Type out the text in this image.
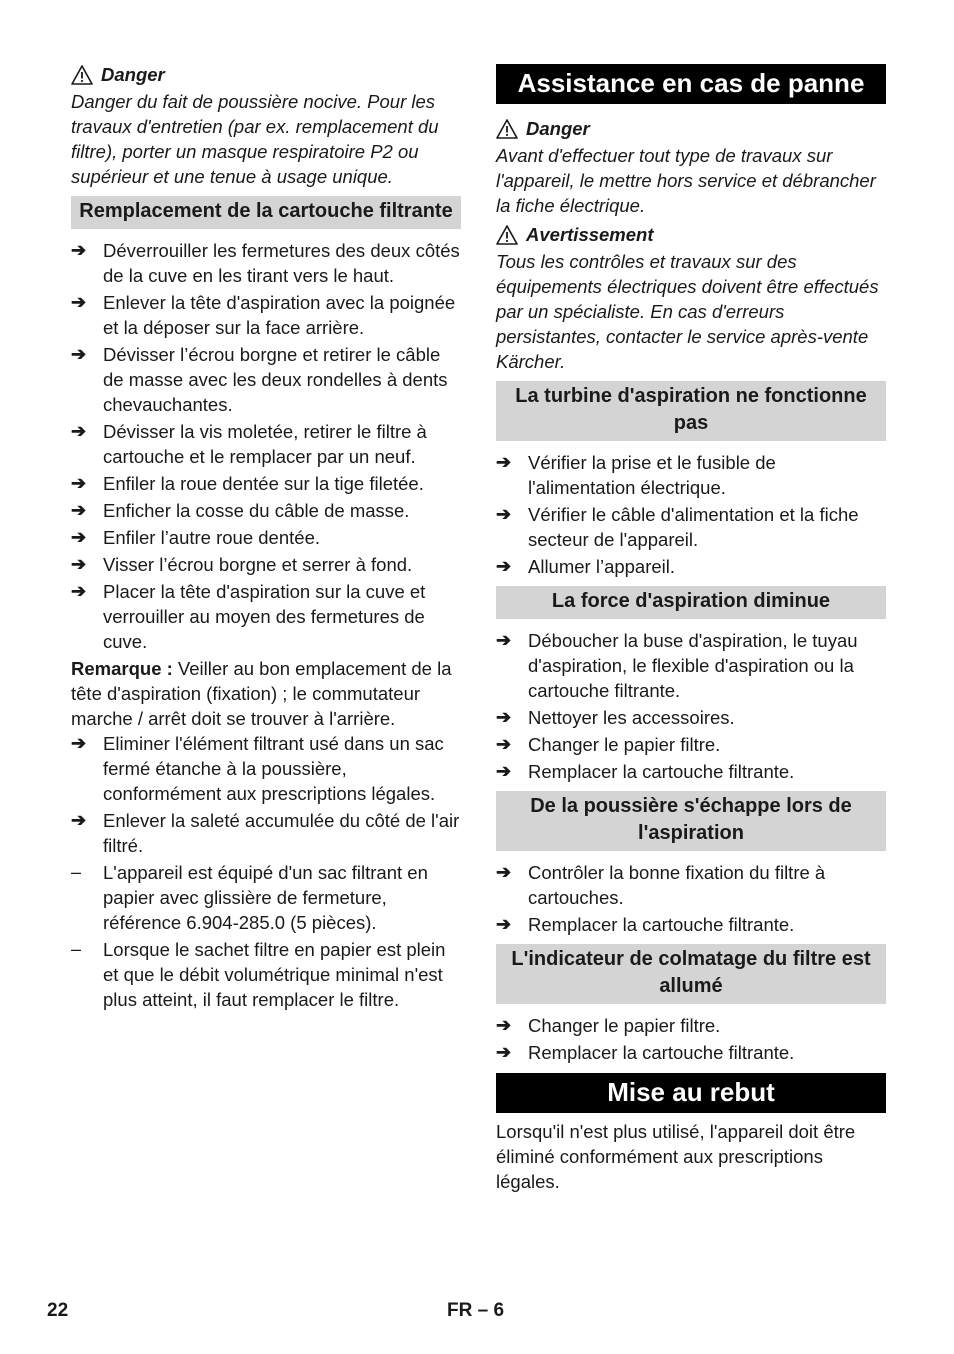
Danger

Danger du fait de poussière nocive. Pour les travaux d'entretien (par ex. remplacement du filtre), porter un masque respiratoire P2 ou supérieur et une tenue à usage unique.

Remplacement de la cartouche filtrante
➔ Déverrouiller les fermetures des deux côtés de la cuve en les tirant vers le haut.
➔ Enlever la tête d'aspiration avec la poignée et la déposer sur la face arrière.
➔ Dévisser l’écrou borgne et retirer le câble de masse avec les deux rondelles à dents chevauchantes.
➔ Dévisser la vis moletée, retirer le filtre à cartouche et le remplacer par un neuf.
➔ Enfiler la roue dentée sur la tige filetée.
➔ Enficher la cosse du câble de masse.
➔ Enfiler l’autre roue dentée.
➔ Visser l’écrou borgne et serrer à fond.
➔ Placer la tête d'aspiration sur la cuve et verrouiller au moyen des fermetures de cuve.

Remarque : Veiller au bon emplacement de la tête d'aspiration (fixation) ; le commutateur marche / arrêt doit se trouver à l'arrière.

➔ Eliminer l'élément filtrant usé dans un sac fermé étanche à la poussière, conformément aux prescriptions légales.
➔ Enlever la saleté accumulée du côté de l'air filtré.
–	L'appareil est équipé d'un sac filtrant en papier avec glissière de fermeture, référence 6.904-285.0 (5 pièces).
–	Lorsque le sachet filtre en papier est plein et que le débit volumétrique minimal n'est plus atteint, il faut remplacer le filtre.
Assistance en cas de panne
Danger

Avant d'effectuer tout type de travaux sur l'appareil, le mettre hors service et débrancher la fiche électrique.

Avertissement

Tous les contrôles et travaux sur des équipements électriques doivent être effectués par un spécialiste. En cas d'erreurs persistantes, contacter le service après-vente Kärcher.

La turbine d'aspiration ne fonctionne pas
➔ Vérifier la prise et le fusible de l'alimentation électrique.
➔ Vérifier le câble d'alimentation et la fiche secteur de l'appareil.
➔ Allumer l’appareil.
La force d'aspiration diminue
➔ Déboucher la buse d'aspiration, le tuyau d'aspiration, le flexible d'aspiration ou la cartouche filtrante.
➔ Nettoyer les accessoires.
➔ Changer le papier filtre.
➔ Remplacer la cartouche filtrante.
De la poussière s'échappe lors de l'aspiration
➔ Contrôler la bonne fixation du filtre à cartouches.
➔ Remplacer la cartouche filtrante.
L'indicateur de colmatage du filtre est allumé
➔ Changer le papier filtre.
➔ Remplacer la cartouche filtrante.
Mise au rebut

Lorsqu'il n'est plus utilisé, l'appareil doit être éliminé conformément aux prescriptions légales.

22	FR – 6
